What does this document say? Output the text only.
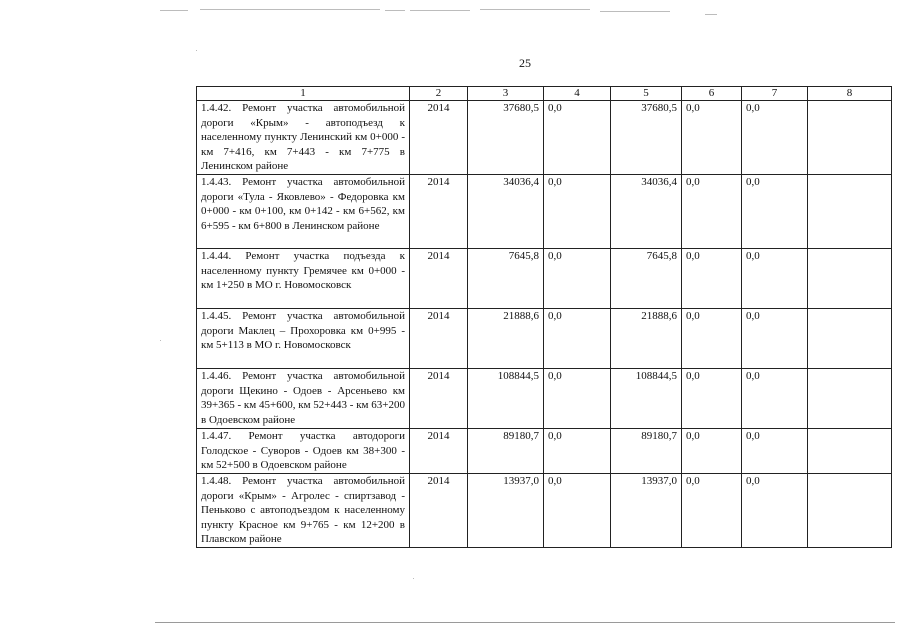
25
1	2	3	4	5	6	7	8
1.4.42. Ремонт участка автомобильной дороги «Крым» - автоподъезд к населенному пункту Ленинский км 0+000 - км 7+416, км 7+443 - км 7+775 в Ленинском районе	2014	37680,5	0,0	37680,5	0,0	0,0	
1.4.43. Ремонт участка автомобильной дороги «Тула - Яковлево» - Федоровка км 0+000 - км 0+100, км 0+142 - км 6+562, км 6+595 - км 6+800 в Ленинском районе	2014	34036,4	0,0	34036,4	0,0	0,0	
1.4.44. Ремонт участка подъезда к населенному пункту Гремячее км 0+000 - км 1+250 в МО г. Новомосковск	2014	7645,8	0,0	7645,8	0,0	0,0	
1.4.45. Ремонт участка автомобильной дороги Маклец – Прохоровка км 0+995 - км 5+113 в МО г. Новомосковск	2014	21888,6	0,0	21888,6	0,0	0,0	
1.4.46. Ремонт участка автомобильной дороги Щекино - Одоев - Арсеньево км 39+365 - км 45+600, км 52+443 - км 63+200 в Одоевском районе	2014	108844,5	0,0	108844,5	0,0	0,0	
1.4.47. Ремонт участка автодороги Голодское - Суворов - Одоев км 38+300 - км 52+500 в Одоевском районе	2014	89180,7	0,0	89180,7	0,0	0,0	
1.4.48. Ремонт участка автомобильной дороги «Крым» - Агролес - спиртзавод - Пеньково с автоподъездом к населенному пункту Красное км 9+765 - км 12+200 в Плавском районе	2014	13937,0	0,0	13937,0	0,0	0,0	
